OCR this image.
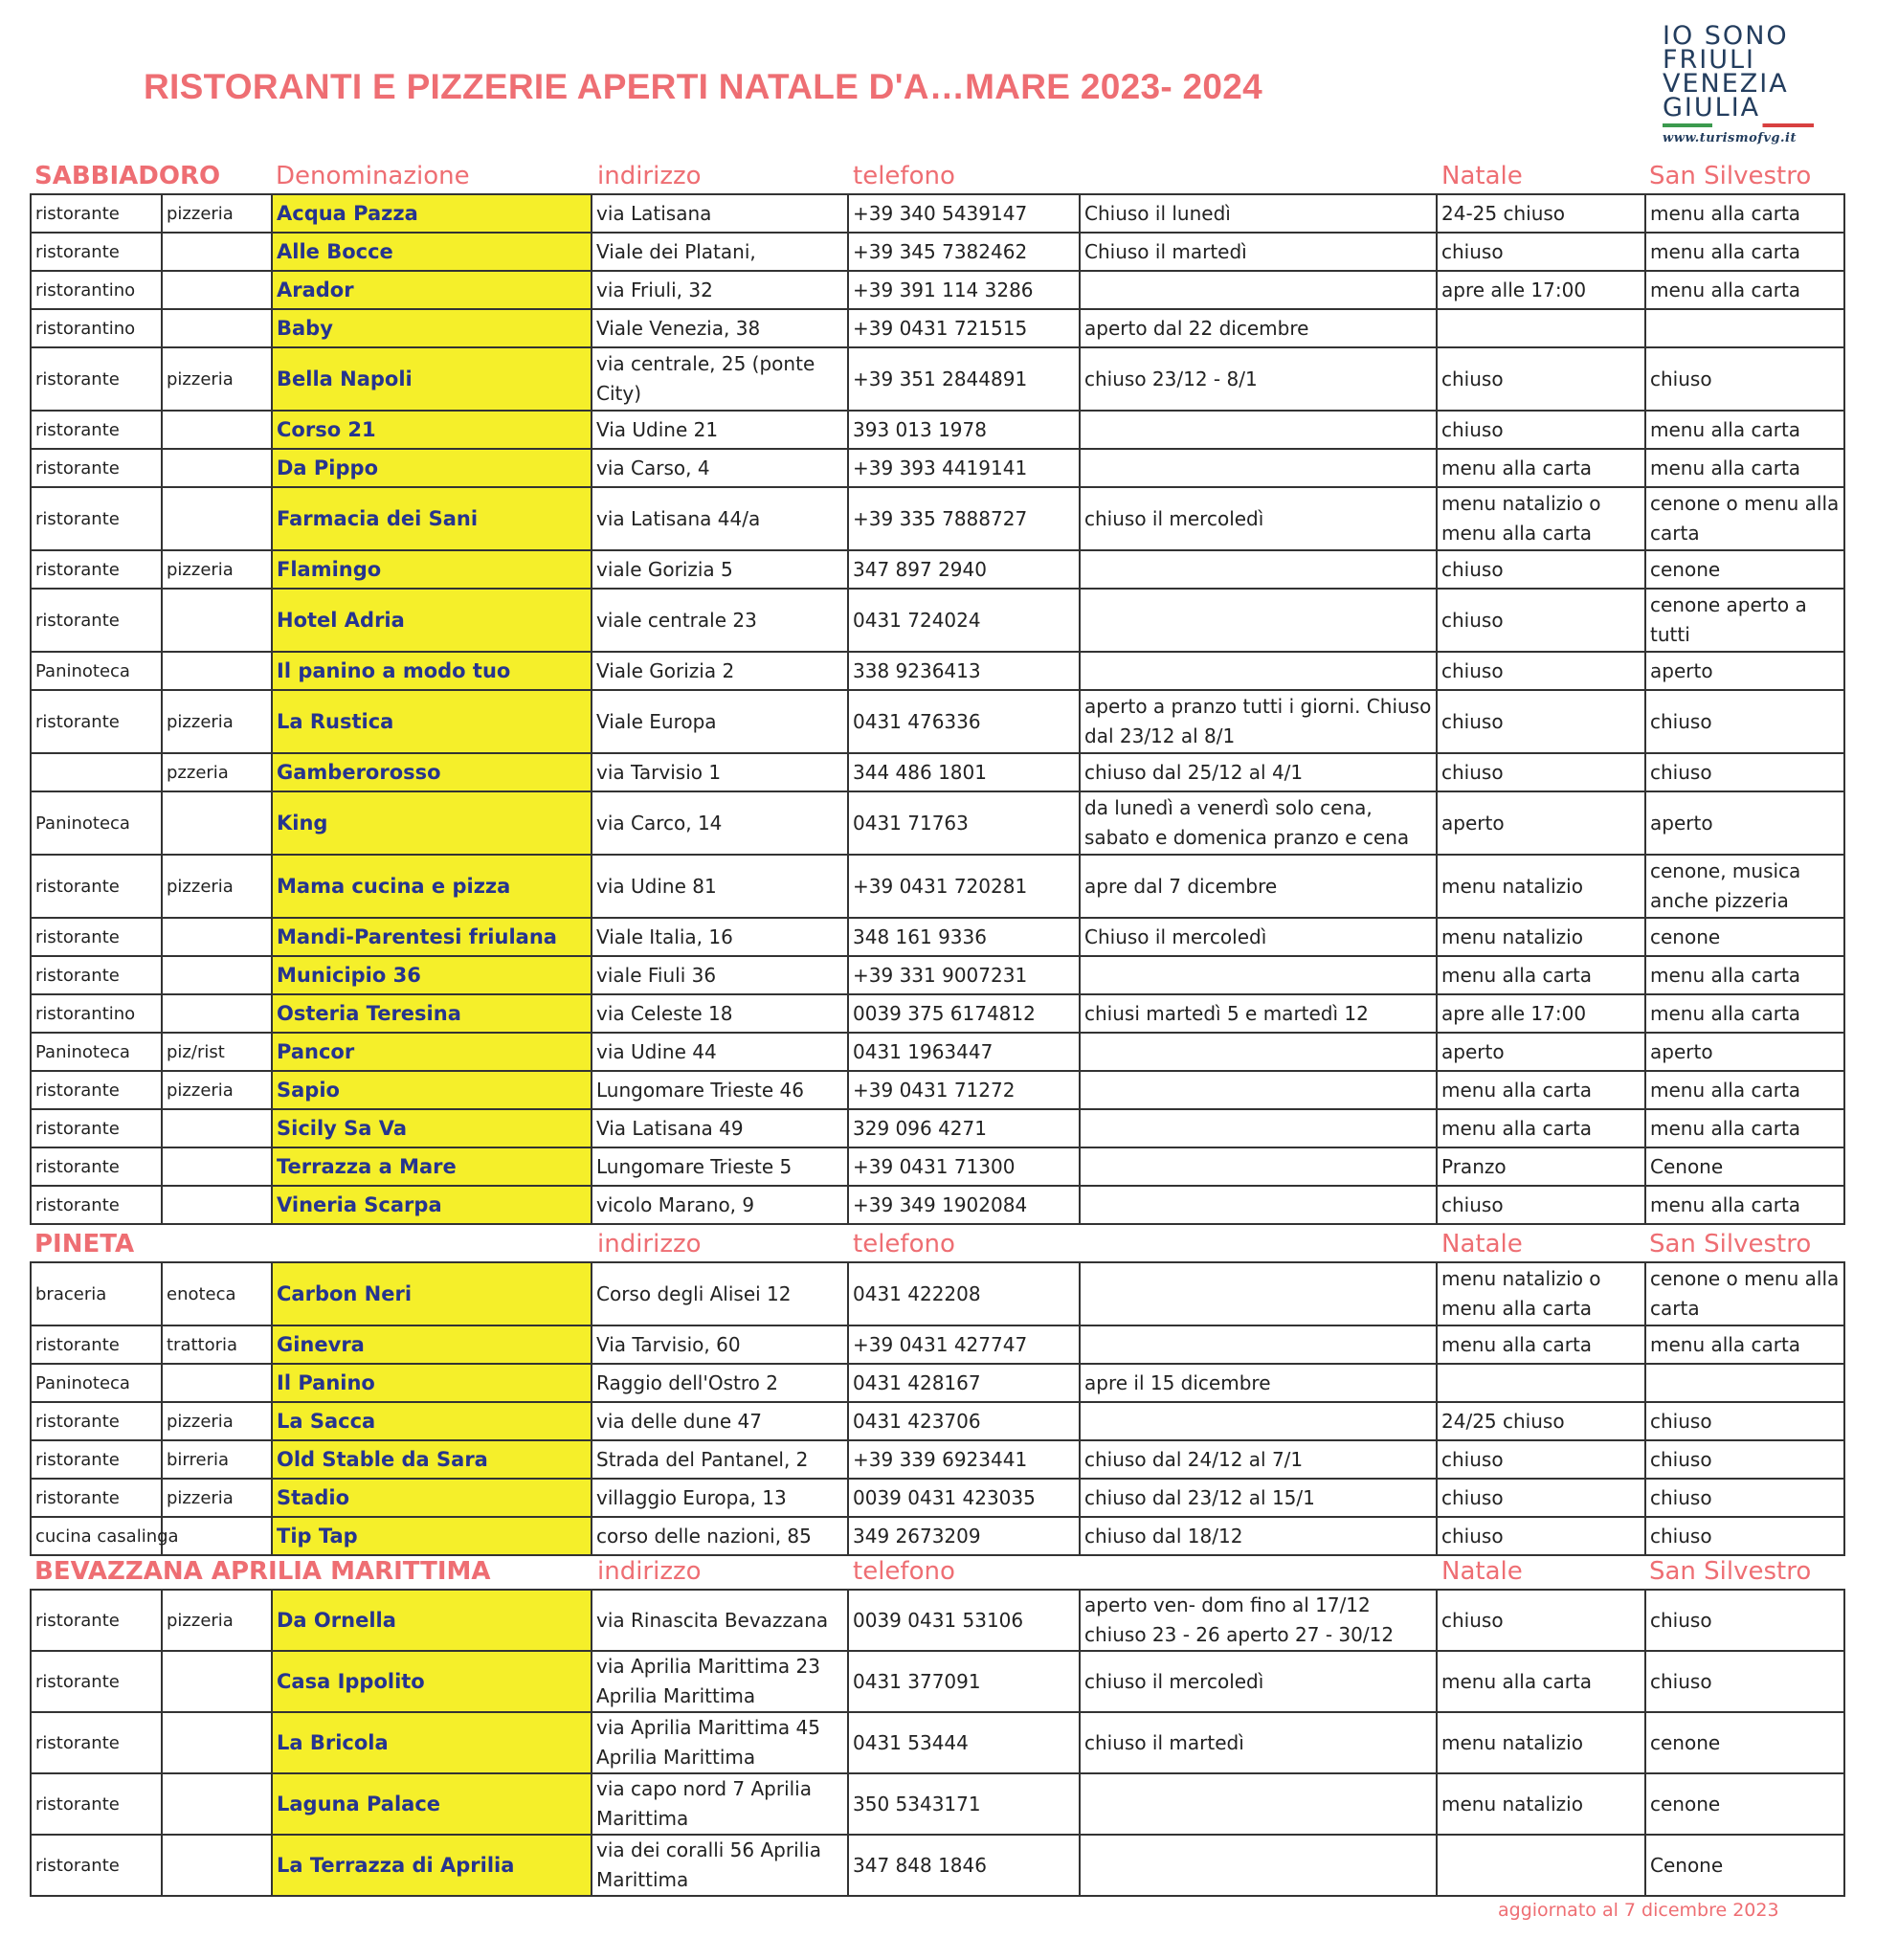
RISTORANTI E PIZZERIE APERTI NATALE D'A…MARE 2023- 2024
IO SONO
FRIULI
VENEZIA
GIULIA
www.turismofvg.it
SABBIADORO Denominazione	indirizzo	telefono	Natale	San Silvestro
ristorante	pizzeria	Acqua Pazza	via Latisana	+39 340 5439147	Chiuso il lunedì	24-25 chiuso	menu alla carta
ristorante		Alle Bocce	Viale dei Platani,	+39 345 7382462	Chiuso il martedì	chiuso	menu alla carta
ristorantino		Arador	via Friuli, 32	+39 391 114 3286		apre alle 17:00	menu alla carta
ristorantino		Baby	Viale Venezia, 38	+39 0431 721515	aperto dal 22 dicembre		
ristorante	pizzeria	Bella Napoli	via centrale, 25 (ponte City)	+39 351 2844891	chiuso 23/12 - 8/1	chiuso	chiuso
ristorante		Corso 21	Via Udine 21	393 013 1978		chiuso	menu alla carta
ristorante		Da Pippo	via Carso, 4	+39 393 4419141		menu alla carta	menu alla carta
ristorante		Farmacia dei Sani	via Latisana 44/a	+39 335 7888727	chiuso il mercoledì	menu natalizio o menu alla carta	cenone o menu alla carta
ristorante	pizzeria	Flamingo	viale Gorizia 5	347 897 2940		chiuso	cenone
ristorante		Hotel Adria	viale centrale 23	0431 724024		chiuso	cenone aperto a tutti
Paninoteca		Il panino a modo tuo	Viale Gorizia 2	338 9236413		chiuso	aperto
ristorante	pizzeria	La Rustica	Viale Europa	0431 476336	aperto a pranzo tutti i giorni. Chiuso dal 23/12 al 8/1	chiuso	chiuso
	pzzeria	Gamberorosso	via Tarvisio 1	344 486 1801	chiuso dal 25/12 al 4/1	chiuso	chiuso
Paninoteca		King	via Carco, 14	0431 71763	da lunedì a venerdì solo cena, sabato e domenica pranzo e cena	aperto	aperto
ristorante	pizzeria	Mama cucina e pizza	via Udine 81	+39 0431 720281	apre dal 7 dicembre	menu natalizio	cenone, musica anche pizzeria
ristorante		Mandi-Parentesi friulana	Viale Italia, 16	348 161 9336	Chiuso il mercoledì	menu natalizio	cenone
ristorante		Municipio 36	viale Fiuli 36	+39 331 9007231		menu alla carta	menu alla carta
ristorantino		Osteria Teresina	via Celeste 18	0039 375 6174812	chiusi martedì 5 e martedì 12	apre alle 17:00	menu alla carta
Paninoteca	piz/rist	Pancor	via Udine 44	0431 1963447		aperto	aperto
ristorante	pizzeria	Sapio	Lungomare Trieste 46	+39 0431 71272		menu alla carta	menu alla carta
ristorante		Sicily Sa Va	Via Latisana 49	329 096 4271		menu alla carta	menu alla carta
ristorante		Terrazza a Mare	Lungomare Trieste 5	+39 0431 71300		Pranzo	Cenone
ristorante		Vineria Scarpa	vicolo Marano, 9	+39 349 1902084		chiuso	menu alla carta
PINETA	indirizzo	telefono	Natale	San Silvestro
braceria	enoteca	Carbon Neri	Corso degli Alisei 12	0431 422208		menu natalizio o menu alla carta	cenone o menu alla carta
ristorante	trattoria	Ginevra	Via Tarvisio, 60	+39 0431 427747		menu alla carta	menu alla carta
Paninoteca		Il Panino	Raggio dell'Ostro 2	0431 428167	apre il 15 dicembre		
ristorante	pizzeria	La Sacca	via delle dune 47	0431 423706		24/25 chiuso	chiuso
ristorante	birreria	Old Stable da Sara	Strada del Pantanel, 2	+39 339 6923441	chiuso dal 24/12 al 7/1	chiuso	chiuso
ristorante	pizzeria	Stadio	villaggio Europa, 13	0039 0431 423035	chiuso dal 23/12 al 15/1	chiuso	chiuso
cucina casalinga		Tip Tap	corso delle nazioni, 85	349 2673209	chiuso dal 18/12	chiuso	chiuso
BEVAZZANA APRILIA MARITTIMA	indirizzo	telefono	Natale	San Silvestro
ristorante	pizzeria	Da Ornella	via Rinascita Bevazzana	0039 0431 53106	aperto ven- dom fino al 17/12 chiuso 23 - 26 aperto 27 - 30/12	chiuso	chiuso
ristorante		Casa Ippolito	via Aprilia Marittima 23 Aprilia Marittima	0431 377091	chiuso il mercoledì	menu alla carta	chiuso
ristorante		La Bricola	via Aprilia Marittima 45 Aprilia Marittima	0431 53444	chiuso il martedì	menu natalizio	cenone
ristorante		Laguna Palace	via capo nord 7 Aprilia Marittima	350 5343171		menu natalizio	cenone
ristorante		La Terrazza di Aprilia	via dei coralli 56 Aprilia Marittima	347 848 1846			Cenone
aggiornato al 7 dicembre 2023
